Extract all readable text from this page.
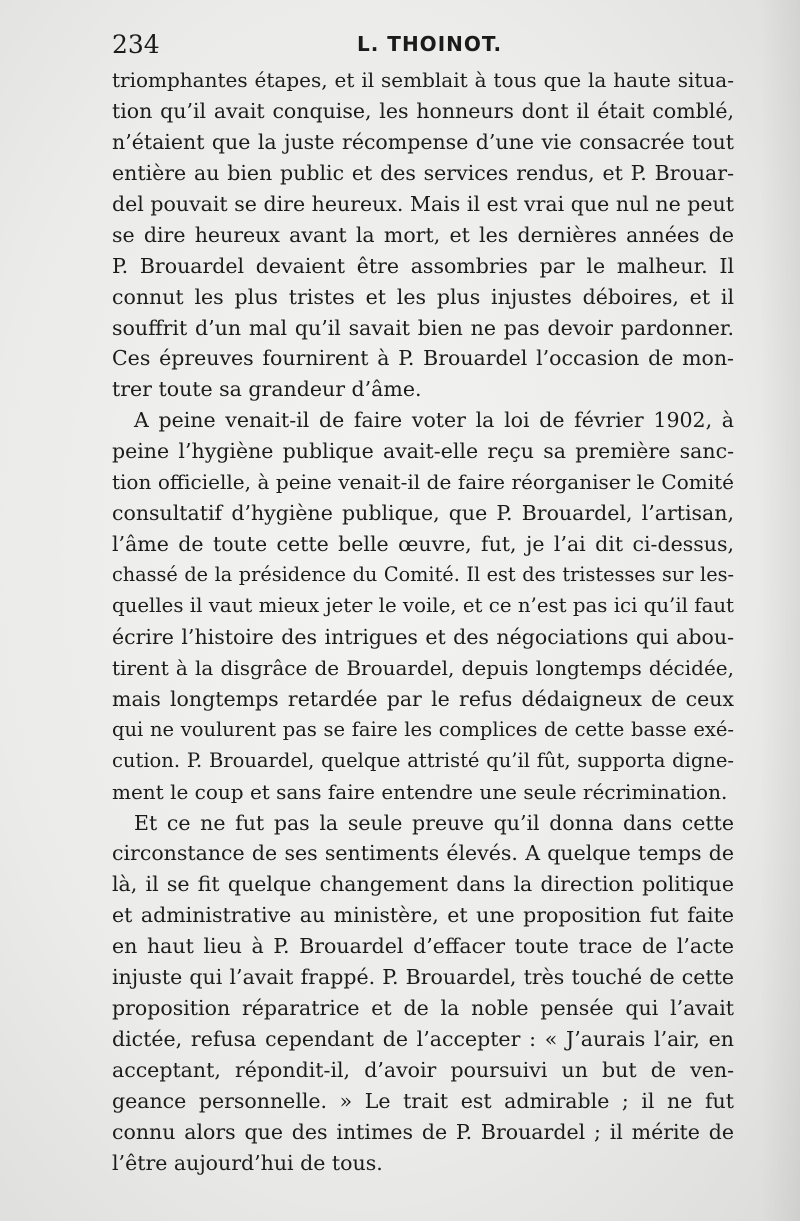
234	L. THOINOT.
triomphantes étapes, et il semblait à tous que la haute situa-
tion qu’il avait conquise, les honneurs dont il était comblé,
n’étaient que la juste récompense d’une vie consacrée tout
entière au bien public et des services rendus, et P. Brouar-
del pouvait se dire heureux. Mais il est vrai que nul ne peut
se dire heureux avant la mort, et les dernières années de
P. Brouardel devaient être assombries par le malheur. Il
connut les plus tristes et les plus injustes déboires, et il
souffrit d’un mal qu’il savait bien ne pas devoir pardonner.
Ces épreuves fournirent à P. Brouardel l’occasion de mon-
trer toute sa grandeur d’âme.
A peine venait-il de faire voter la loi de février 1902, à
peine l’hygiène publique avait-elle reçu sa première sanc-
tion officielle, à peine venait-il de faire réorganiser le Comité
consultatif d’hygiène publique, que P. Brouardel, l’artisan,
l’âme de toute cette belle œuvre, fut, je l’ai dit ci-dessus,
chassé de la présidence du Comité. Il est des tristesses sur les-
quelles il vaut mieux jeter le voile, et ce n’est pas ici qu’il faut
écrire l’histoire des intrigues et des négociations qui abou-
tirent à la disgrâce de Brouardel, depuis longtemps décidée,
mais longtemps retardée par le refus dédaigneux de ceux
qui ne voulurent pas se faire les complices de cette basse exé-
cution. P. Brouardel, quelque attristé qu’il fût, supporta digne-
ment le coup et sans faire entendre une seule récrimination.
Et ce ne fut pas la seule preuve qu’il donna dans cette
circonstance de ses sentiments élevés. A quelque temps de
là, il se fit quelque changement dans la direction politique
et administrative au ministère, et une proposition fut faite
en haut lieu à P. Brouardel d’effacer toute trace de l’acte
injuste qui l’avait frappé. P. Brouardel, très touché de cette
proposition réparatrice et de la noble pensée qui l’avait
dictée, refusa cependant de l’accepter : « J’aurais l’air, en
acceptant, répondit-il, d’avoir poursuivi un but de ven-
geance personnelle. » Le trait est admirable ; il ne fut
connu alors que des intimes de P. Brouardel ; il mérite de
l’être aujourd’hui de tous.
